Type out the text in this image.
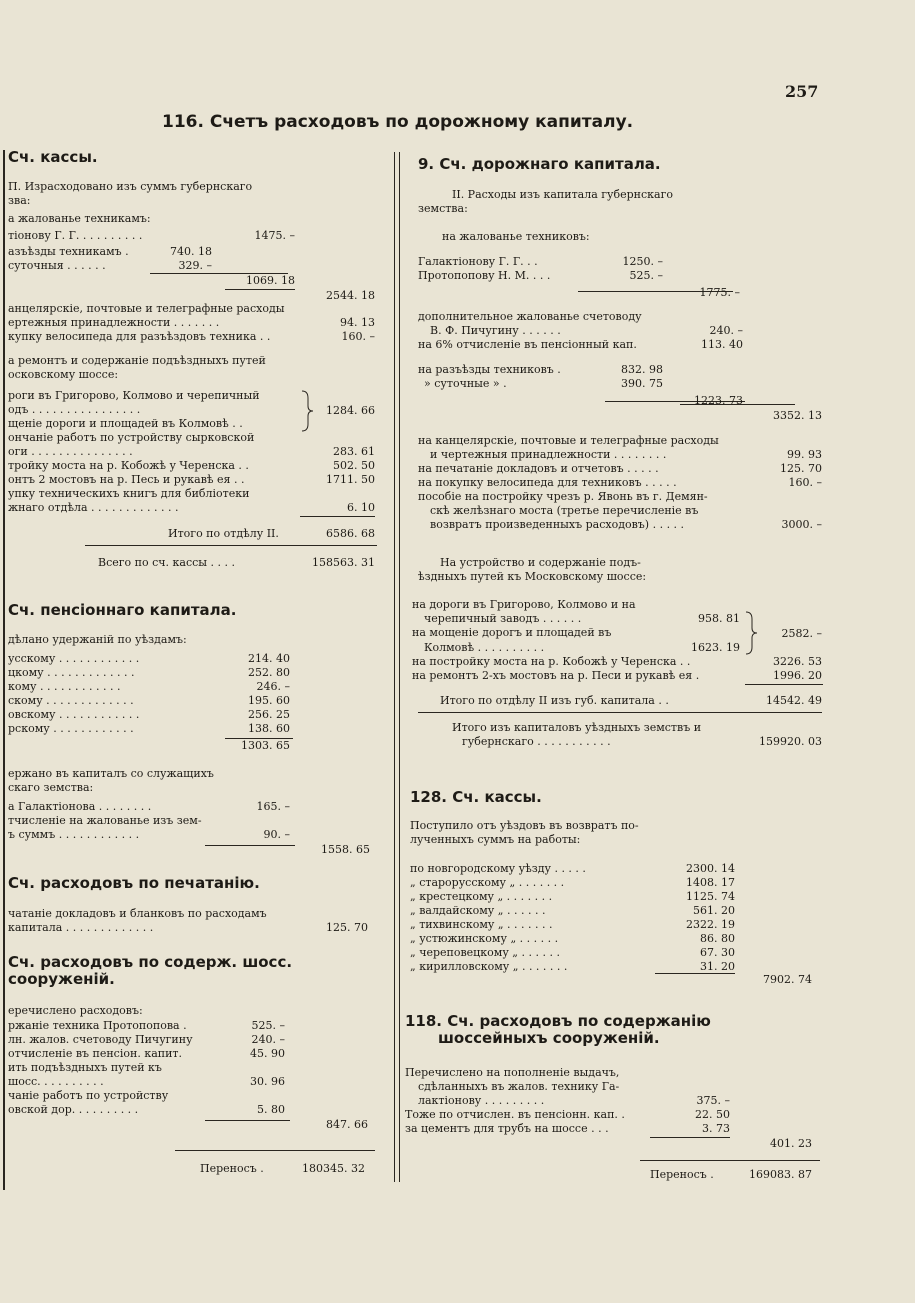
257
116. Счетъ расходовъ по дорожному капиталу.
Сч. кассы.
П. Израсходовано изъ суммъ губернскаго
зва:
а жалованье техникамъ:
тіонову Г. Г. . . . . . . . . .	1475. –
азъѣзды техникамъ .	740. 18
суточныя . . . . . .	329. –
1069. 18
2544. 18
анцелярскіе, почтовые и телеграфные расходы
ертежныя принадлежности . . . . . . .	94. 13
купку велосипеда для разъѣздовъ техника . .	160. –
а ремонтъ и содержаніе подъѣздныхъ путей
осковскому шоссе:
роги въ Григорово, Колмово и черепичный
одъ . . . . . . . . . . . . . . . .
щеніе дороги и площадей въ Колмовѣ . .
1284. 66
ончаніе работъ по устройству сырковской
оги . . . . . . . . . . . . . . .	283. 61
тройку моста на р. Кобожѣ у Черенска . .	502. 50
онтъ 2 мостовъ на р. Песь и рукавѣ ея . .	1711. 50
упку техническихъ книгъ для библіотеки
жнаго отдѣла . . . . . . . . . . . . .	6. 10
Итого по отдѣлу II.	6586. 68
Всего по сч. кассы . . . .	158563. 31
Сч. пенсіоннаго капитала.
дѣлано удержаній по уѣздамъ:
усскому . . . . . . . . . . . .	214. 40
цкому . . . . . . . . . . . . .	252. 80
кому . . . . . . . . . . . .	246. –
скому . . . . . . . . . . . . .	195. 60
овскому . . . . . . . . . . . .	256. 25
рскому . . . . . . . . . . . .	138. 60
1303. 65
ержано въ капиталъ со служащихъ
скаго земства:
а Галактіонова . . . . . . . .	165. –
тчисленіе на жалованье изъ зем-
ъ суммъ . . . . . . . . . . . .	90. –
1558. 65
Сч. расходовъ по печатанію.
чатаніе докладовъ и бланковъ по расходамъ
капитала . . . . . . . . . . . . .	125. 70
Сч. расходовъ по содерж. шосс.
сооруженій.
еречислено расходовъ:
ржаніе техника Протопопова .	525. –
лн. жалов. счетоводу Пичугину	240. –
отчисленіе въ пенсіон. капит.	45. 90
ить подъѣздныхъ путей къ
шосс. . . . . . . . . .	30. 96
чаніе работъ по устройству
овской дор. . . . . . . . . .	5. 80
847. 66
Переносъ .	180345. 32
9. Сч. дорожнаго капитала.
II. Расходы изъ капитала губернскаго
земства:
на жалованье техниковъ:
Галактіонову Г. Г. . .	1250. –
Протопопову Н. М. . . .	525. –
1775. –
дополнительное жалованье счетоводу
В. Ф. Пичугину . . . . . .	240. –
на 6% отчисленіе въ пенсіонный кап.	113. 40
на разъѣзды техниковъ .	832. 98
» суточные » .	390. 75
1223. 73
3352. 13
на канцелярскіе, почтовые и телеграфные расходы
и чертежныя принадлежности . . . . . . . .	99. 93
на печатаніе докладовъ и отчетовъ . . . . .	125. 70
на покупку велосипеда для техниковъ . . . . .	160. –
пособіе на постройку чрезъ р. Явонь въ г. Демян-
скѣ желѣзнаго моста (третье перечисленіе въ
возвратъ произведенныхъ расходовъ) . . . . .	3000. –
На устройство и содержаніе подъ-
ѣздныхъ путей къ Московскому шоссе:
на дороги въ Григорово, Колмово и на
черепичный заводъ . . . . . .	958. 81
на мощеніе дорогъ и площадей въ
Колмовѣ . . . . . . . . . .	1623. 19
2582. –
на постройку моста на р. Кобожѣ у Черенска . .	3226. 53
на ремонтъ 2-хъ мостовъ на р. Песи и рукавѣ ея .	1996. 20
Итого по отдѣлу II изъ губ. капитала . .	14542. 49
Итого изъ капиталовъ уѣздныхъ земствъ и
губернскаго . . . . . . . . . . .	159920. 03
128. Сч. кассы.
Поступило отъ уѣздовъ въ возвратъ по-
лученныхъ суммъ на работы:
по новгородскому уѣзду . . . . .	2300. 14
„ старорусскому „ . . . . . . .	1408. 17
„ крестецкому „ . . . . . . .	1125. 74
„ валдайскому „ . . . . . .	561. 20
„ тихвинскому „ . . . . . . .	2322. 19
„ устюжинскому „ . . . . . .	86. 80
„ череповецкому „ . . . . . .	67. 30
„ кирилловскому „ . . . . . . .	31. 20
7902. 74
118. Сч. расходовъ по содержанію
шоссейныхъ сооруженій.
Перечислено на пополненіе выдачъ,
сдѣланныхъ въ жалов. технику Га-
лактіонову . . . . . . . . .	375. –
Тоже по отчислен. въ пенсіонн. кап. .	22. 50
за цементъ для трубъ на шоссе . . .	3. 73
401. 23
Переносъ .	169083. 87
